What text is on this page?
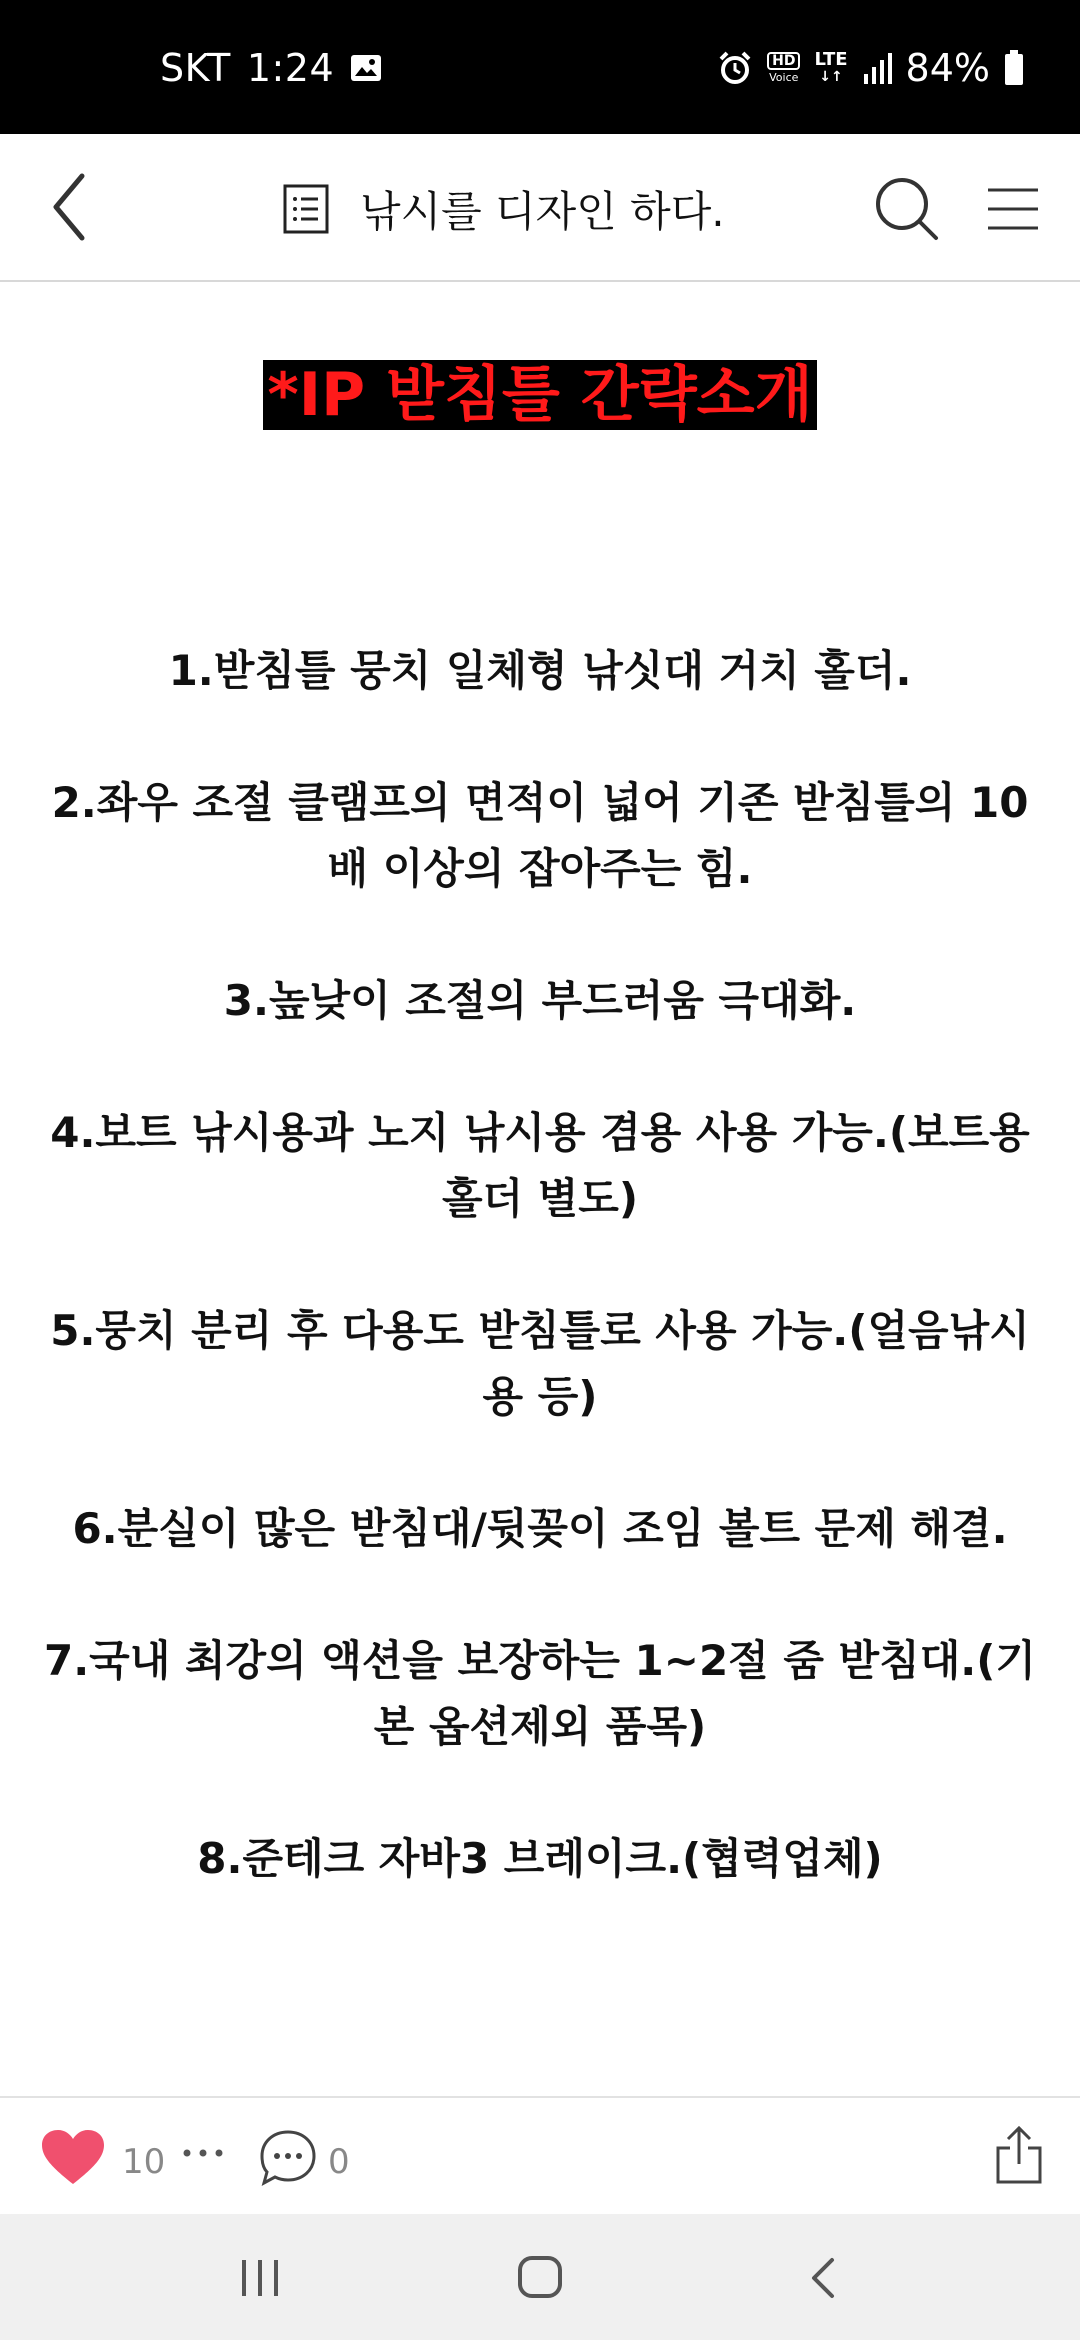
SKT 1:24	HD
Voice
LTE
↓↑ 84%
낚시를 디자인 하다.
*IP 받침틀 간략소개
1.받침틀 뭉치 일체형 낚싯대 거치 홀더.
2.좌우 조절 클램프의 면적이 넓어 기존 받침틀의 10배 이상의 잡아주는 힘.
3.높낮이 조절의 부드러움 극대화.
4.보트 낚시용과 노지 낚시용 겸용 사용 가능.(보트용 홀더 별도)
5.뭉치 분리 후 다용도 받침틀로 사용 가능.(얼음낚시용 등)
6.분실이 많은 받침대/뒷꽂이 조임 볼트 문제 해결.
7.국내 최강의 액션을 보장하는 1~2절 줌 받침대.(기본 옵션제외 품목)
8.준테크 자바3 브레이크.(협력업체)
10	0
